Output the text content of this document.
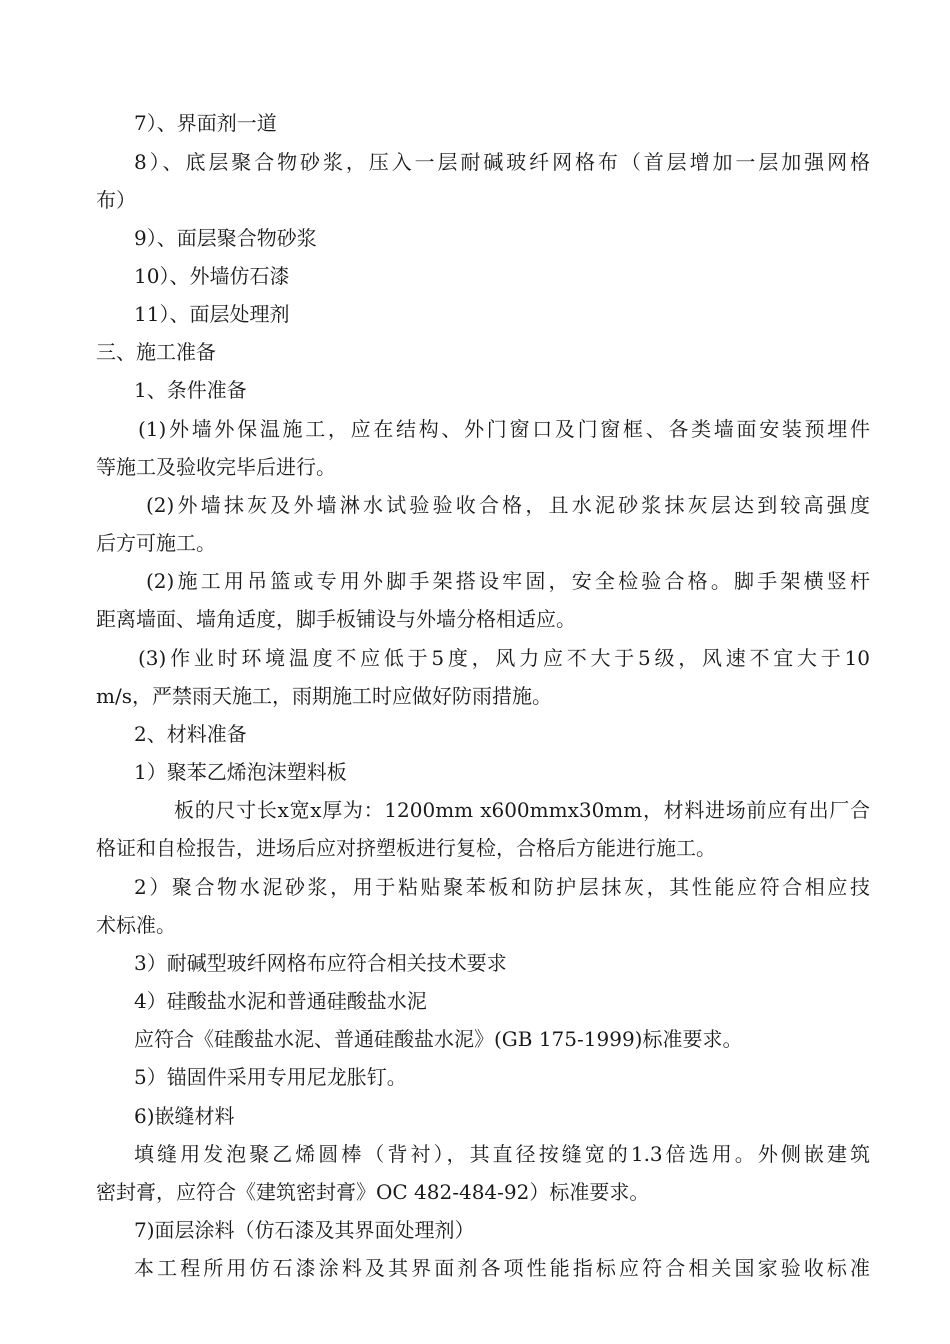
7）、界面剂一道
8）、底层聚合物砂浆，压入一层耐碱玻纤网格布（首层增加一层加强网格
布）
9）、面层聚合物砂浆
10）、外墙仿石漆
11）、面层处理剂
三、施工准备
1、条件准备
(1)外墙外保温施工，应在结构、外门窗口及门窗框、各类墙面安装预埋件
等施工及验收完毕后进行。
(2)外墙抹灰及外墙淋水试验验收合格，且水泥砂浆抹灰层达到较高强度
后方可施工。
(2)施工用吊篮或专用外脚手架搭设牢固，安全检验合格。脚手架横竖杆
距离墙面、墙角适度，脚手板铺设与外墙分格相适应。
(3)作业时环境温度不应低于5度，风力应不大于5级，风速不宜大于10
m/s，严禁雨天施工，雨期施工时应做好防雨措施。
2、材料准备
1）聚苯乙烯泡沫塑料板
板的尺寸长x宽x厚为：1200mm x600mmx30mm，材料进场前应有出厂合
格证和自检报告，进场后应对挤塑板进行复检，合格后方能进行施工。
2）聚合物水泥砂浆，用于粘贴聚苯板和防护层抹灰，其性能应符合相应技
术标准。
3）耐碱型玻纤网格布应符合相关技术要求
4）硅酸盐水泥和普通硅酸盐水泥
应符合《硅酸盐水泥、普通硅酸盐水泥》(GB 175-1999)标准要求。
5）锚固件采用专用尼龙胀钉。
6)嵌缝材料
填缝用发泡聚乙烯圆棒（背衬），其直径按缝宽的1.3倍选用。外侧嵌建筑
密封膏，应符合《建筑密封膏》OC 482-484-92）标准要求。
7)面层涂料（仿石漆及其界面处理剂）
本工程所用仿石漆涂料及其界面剂各项性能指标应符合相关国家验收标准
